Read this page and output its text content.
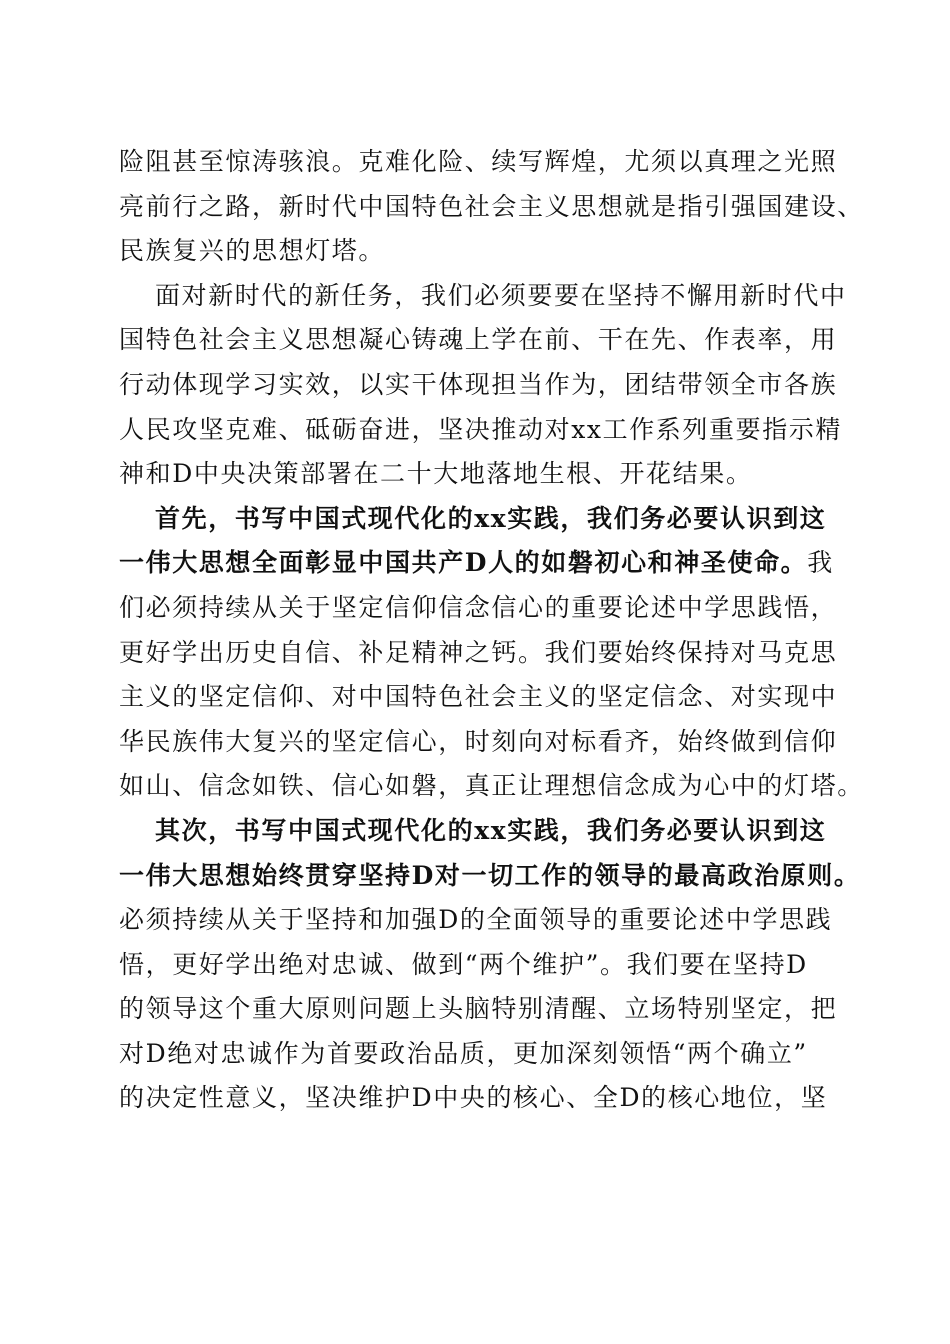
险阻甚至惊涛骇浪。克难化险、续写辉煌，尤须以真理之光照
亮前行之路，新时代中国特色社会主义思想就是指引强国建设、
民族复兴的思想灯塔。
面对新时代的新任务，我们必须要要在坚持不懈用新时代中
国特色社会主义思想凝心铸魂上学在前、干在先、作表率，用
行动体现学习实效，以实干体现担当作为，团结带领全市各族
人民攻坚克难、砥砺奋进，坚决推动对xx工作系列重要指示精
神和D中央决策部署在二十大地落地生根、开花结果。
首先，书写中国式现代化的xx实践，我们务必要认识到这
一伟大思想全面彰显中国共产D人的如磐初心和神圣使命。我
们必须持续从关于坚定信仰信念信心的重要论述中学思践悟，
更好学出历史自信、补足精神之钙。我们要始终保持对马克思
主义的坚定信仰、对中国特色社会主义的坚定信念、对实现中
华民族伟大复兴的坚定信心，时刻向对标看齐，始终做到信仰
如山、信念如铁、信心如磐，真正让理想信念成为心中的灯塔。
其次，书写中国式现代化的xx实践，我们务必要认识到这
一伟大思想始终贯穿坚持D对一切工作的领导的最高政治原则。
必须持续从关于坚持和加强D的全面领导的重要论述中学思践
悟，更好学出绝对忠诚、做到“两个维护”。我们要在坚持D
的领导这个重大原则问题上头脑特别清醒、立场特别坚定，把
对D绝对忠诚作为首要政治品质，更加深刻领悟“两个确立”
的决定性意义，坚决维护D中央的核心、全D的核心地位，坚
